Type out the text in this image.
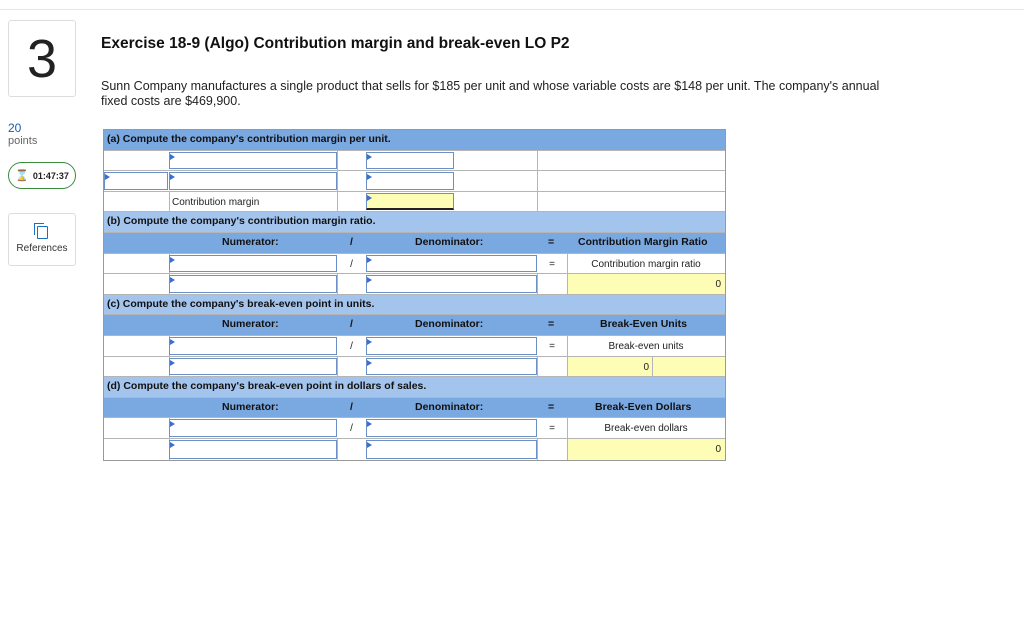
3
20
points
⌛ 01:47:37
References
Exercise 18-9 (Algo) Contribution margin and break-even LO P2
Sunn Company manufactures a single product that sells for $185 per unit and whose variable costs are $148 per unit. The company's annual fixed costs are $469,900.
(a) Compute the company's contribution margin per unit.
Contribution margin
(b) Compute the company's contribution margin ratio.
Numerator:	/	Denominator:	= Contribution Margin Ratio
/	=	Contribution margin ratio
0
(c) Compute the company's break-even point in units.
Numerator:	/	Denominator:	=	Break-Even Units
/	=	Break-even units
0
(d) Compute the company's break-even point in dollars of sales.
Numerator:	/	Denominator:	=	Break-Even Dollars
/	=	Break-even dollars
0
